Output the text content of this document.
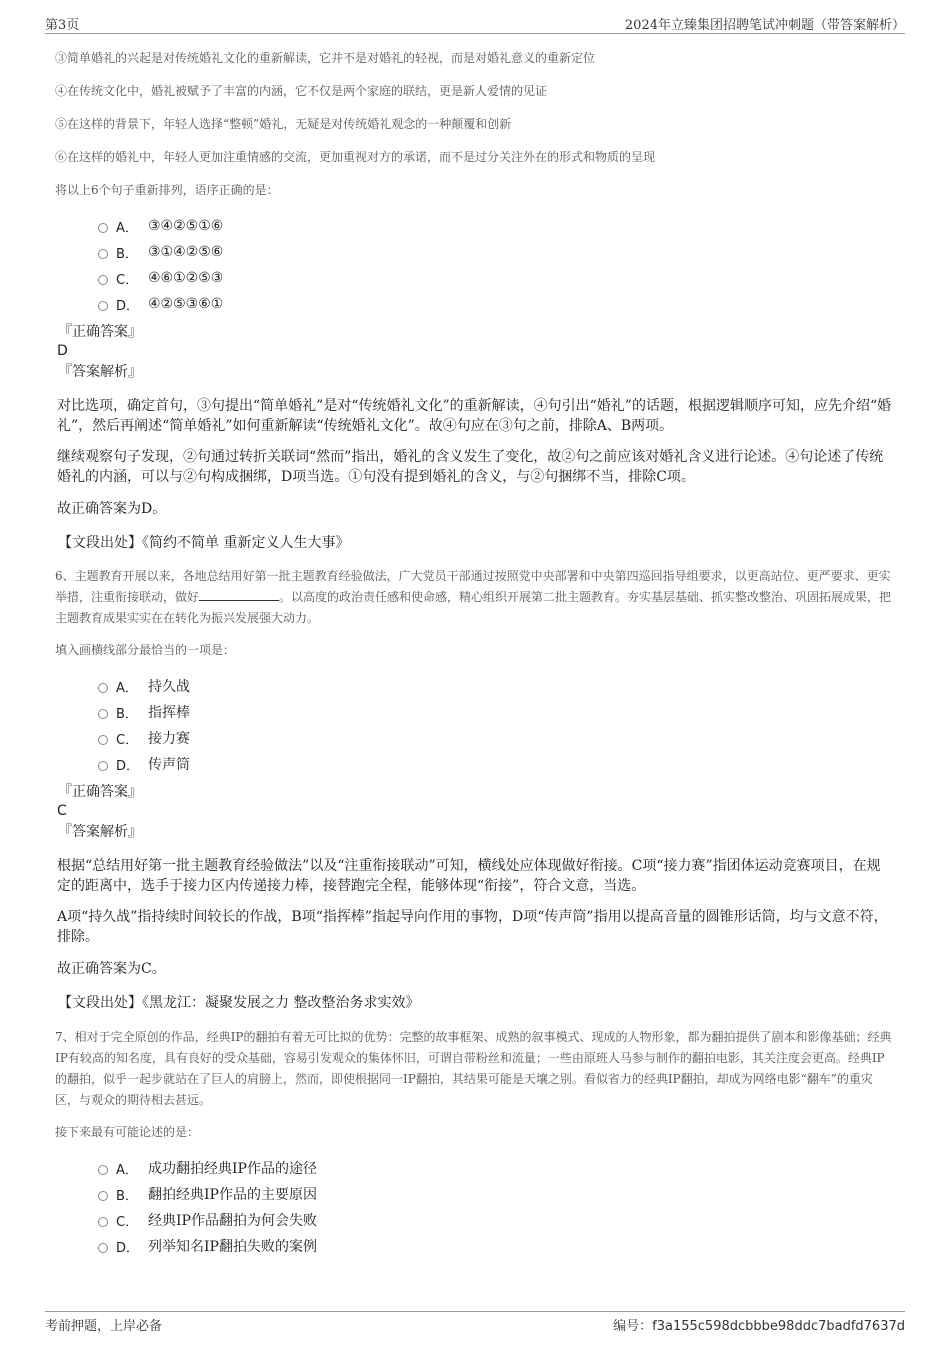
第3页	2024年立臻集团招聘笔试冲刺题（带答案解析）
③简单婚礼的兴起是对传统婚礼文化的重新解读，它并不是对婚礼的轻视，而是对婚礼意义的重新定位
④在传统文化中，婚礼被赋予了丰富的内涵，它不仅是两个家庭的联结，更是新人爱情的见证
⑤在这样的背景下，年轻人选择“整顿”婚礼，无疑是对传统婚礼观念的一种颠覆和创新
⑥在这样的婚礼中，年轻人更加注重情感的交流，更加重视对方的承诺，而不是过分关注外在的形式和物质的呈现
将以上6个句子重新排列，语序正确的是：
A． ③④②⑤①⑥
B． ③①④②⑤⑥
C． ④⑥①②⑤③
D． ④②⑤③⑥①
『正确答案』
D
『答案解析』
对比选项，确定首句，③句提出“简单婚礼”是对“传统婚礼文化”的重新解读，④句引出“婚礼”的话题，根据逻辑顺序可知，应先介绍“婚礼”，然后再阐述“简单婚礼”如何重新解读“传统婚礼文化”。故④句应在③句之前，排除A、B两项。
继续观察句子发现，②句通过转折关联词“然而”指出，婚礼的含义发生了变化，故②句之前应该对婚礼含义进行论述。④句论述了传统婚礼的内涵，可以与②句构成捆绑，D项当选。①句没有提到婚礼的含义，与②句捆绑不当，排除C项。
故正确答案为D。
【文段出处】《简约不简单 重新定义人生大事》
6、主题教育开展以来，各地总结用好第一批主题教育经验做法，广大党员干部通过按照党中央部署和中央第四巡回指导组要求，以更高站位、更严要求、更实举措，注重衔接联动，做好	。以高度的政治责任感和使命感，精心组织开展第二批主题教育。夯实基层基础、抓实整改整治、巩固拓展成果，把主题教育成果实实在在转化为振兴发展强大动力。
填入画横线部分最恰当的一项是：
A． 持久战
B． 指挥棒
C． 接力赛
D． 传声筒
『正确答案』
C
『答案解析』
根据“总结用好第一批主题教育经验做法”以及“注重衔接联动”可知，横线处应体现做好衔接。C项“接力赛”指团体运动竞赛项目，在规定的距离中，选手于接力区内传递接力棒，接替跑完全程，能够体现“衔接”，符合文意，当选。
A项“持久战”指持续时间较长的作战，B项“指挥棒”指起导向作用的事物，D项“传声筒”指用以提高音量的圆锥形话筒，均与文意不符，排除。
故正确答案为C。
【文段出处】《黑龙江：凝聚发展之力 整改整治务求实效》
7、相对于完全原创的作品，经典IP的翻拍有着无可比拟的优势：完整的故事框架、成熟的叙事模式、现成的人物形象，都为翻拍提供了剧本和影像基础；经典IP有较高的知名度，具有良好的受众基础，容易引发观众的集体怀旧，可谓自带粉丝和流量；一些由原班人马参与制作的翻拍电影，其关注度会更高。经典IP的翻拍，似乎一起步就站在了巨人的肩膀上，然而，即使根据同一IP翻拍，其结果可能是天壤之别。看似省力的经典IP翻拍，却成为网络电影“翻车”的重灾区，与观众的期待相去甚远。
接下来最有可能论述的是：
A． 成功翻拍经典IP作品的途径
B． 翻拍经典IP作品的主要原因
C． 经典IP作品翻拍为何会失败
D． 列举知名IP翻拍失败的案例
考前押题，上岸必备	编号：f3a155c598dcbbbe98ddc7badfd7637d
